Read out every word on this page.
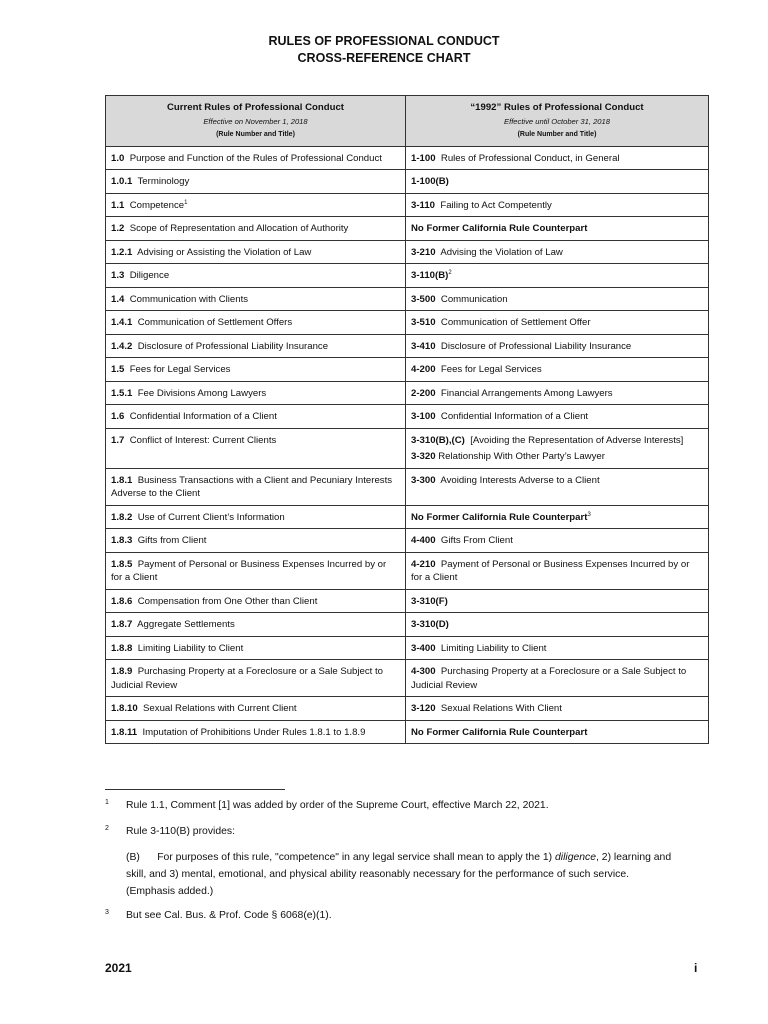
RULES OF PROFESSIONAL CONDUCT
CROSS-REFERENCE CHART
Current Rules of Professional Conduct
Effective on November 1, 2018
(Rule Number and Title)	“1992” Rules of Professional Conduct
Effective until October 31, 2018
(Rule Number and Title)

1.0 Purpose and Function of the Rules of Professional Conduct	1-100 Rules of Professional Conduct, in General
1.0.1 Terminology	1-100(B)
1.1 Competence$^1$	3-110 Failing to Act Competently
1.2 Scope of Representation and Allocation of Authority	No Former California Rule Counterpart
1.2.1 Advising or Assisting the Violation of Law	3-210 Advising the Violation of Law
1.3 Diligence	$3-110(B)^2$
1.4 Communication with Clients	3-500 Communication
1.4.1 Communication of Settlement Offers	3-510 Communication of Settlement Offer
1.4.2 Disclosure of Professional Liability Insurance	3-410 Disclosure of Professional Liability Insurance
1.5 Fees for Legal Services	4-200 Fees for Legal Services
1.5.1 Fee Divisions Among Lawyers	2-200 Financial Arrangements Among Lawyers
1.6 Confidential Information of a Client	3-100 Confidential Information of a Client
1.7 Conflict of Interest: Current Clients	3-310(B),(C) [Avoiding the Representation of Adverse Interests]
3-320 Relationship With Other Party’s Lawyer

1.8.1 Business Transactions with a Client and Pecuniary Interests Adverse to the Client	3-300 Avoiding Interests Adverse to a Client
1.8.2 Use of Current Client’s Information	No Former California Rule Counterpart$^3$
1.8.3 Gifts from Client	4-400 Gifts From Client
1.8.5 Payment of Personal or Business Expenses Incurred by or for a Client	4-210 Payment of Personal or Business Expenses Incurred by or for a Client
1.8.6 Compensation from One Other than Client	3-310(F)
1.8.7 Aggregate Settlements	3-310(D)
1.8.8 Limiting Liability to Client	3-400 Limiting Liability to Client
1.8.9 Purchasing Property at a Foreclosure or a Sale Subject to Judicial Review	4-300 Purchasing Property at a Foreclosure or a Sale Subject to Judicial Review
1.8.10 Sexual Relations with Current Client	3-120 Sexual Relations With Client
1.8.11 Imputation of Prohibitions Under Rules 1.8.1 to 1.8.9	No Former California Rule Counterpart
1 Rule 1.1, Comment [1] was added by order of the Supreme Court, effective March 22, 2021.
2 Rule 3-110(B) provides:
(B) For purposes of this rule, "competence" in any legal service shall mean to apply the 1) diligence, 2) learning and skill, and 3) mental, emotional, and physical ability reasonably necessary for the performance of such service. (Emphasis added.)
3 But see Cal. Bus. & Prof. Code § 6068(e)(1).
2021	i
